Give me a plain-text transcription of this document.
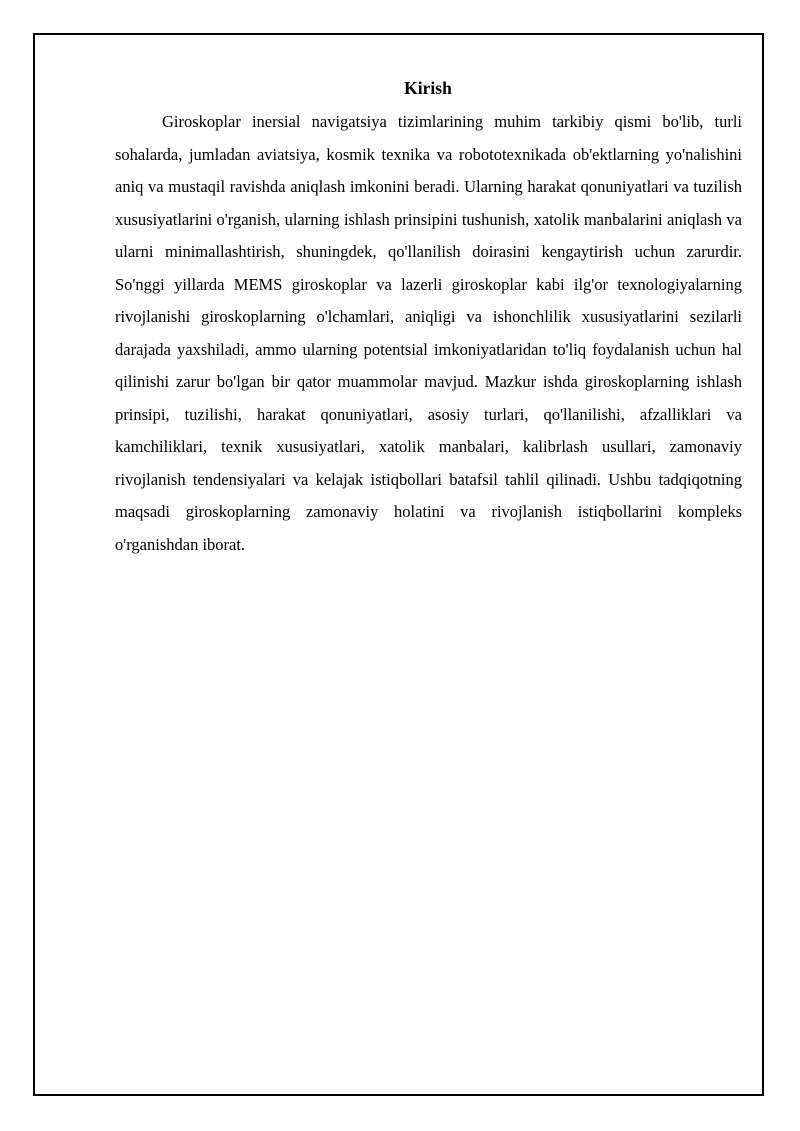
Kirish

Giroskoplar inersial navigatsiya tizimlarining muhim tarkibiy qismi bo'lib, turli sohalarda, jumladan aviatsiya, kosmik texnika va robototexnikada ob'ektlarning yo'nalishini aniq va mustaqil ravishda aniqlash imkonini beradi. Ularning harakat qonuniyatlari va tuzilish xususiyatlarini o'rganish, ularning ishlash prinsipini tushunish, xatolik manbalarini aniqlash va ularni minimallashtirish, shuningdek, qo'llanilish doirasini kengaytirish uchun zarurdir. So'nggi yillarda MEMS giroskoplar va lazerli giroskoplar kabi ilg'or texnologiyalarning rivojlanishi giroskoplarning o'lchamlari, aniqligi va ishonchlilik xususiyatlarini sezilarli darajada yaxshiladi, ammo ularning potentsial imkoniyatlaridan to'liq foydalanish uchun hal qilinishi zarur bo'lgan bir qator muammolar mavjud. Mazkur ishda giroskoplarning ishlash prinsipi, tuzilishi, harakat qonuniyatlari, asosiy turlari, qo'llanilishi, afzalliklari va kamchiliklari, texnik xususiyatlari, xatolik manbalari, kalibrlash usullari, zamonaviy rivojlanish tendensiyalari va kelajak istiqbollari batafsil tahlil qilinadi. Ushbu tadqiqotning maqsadi giroskoplarning zamonaviy holatini va rivojlanish istiqbollarini kompleks o'rganishdan iborat.
